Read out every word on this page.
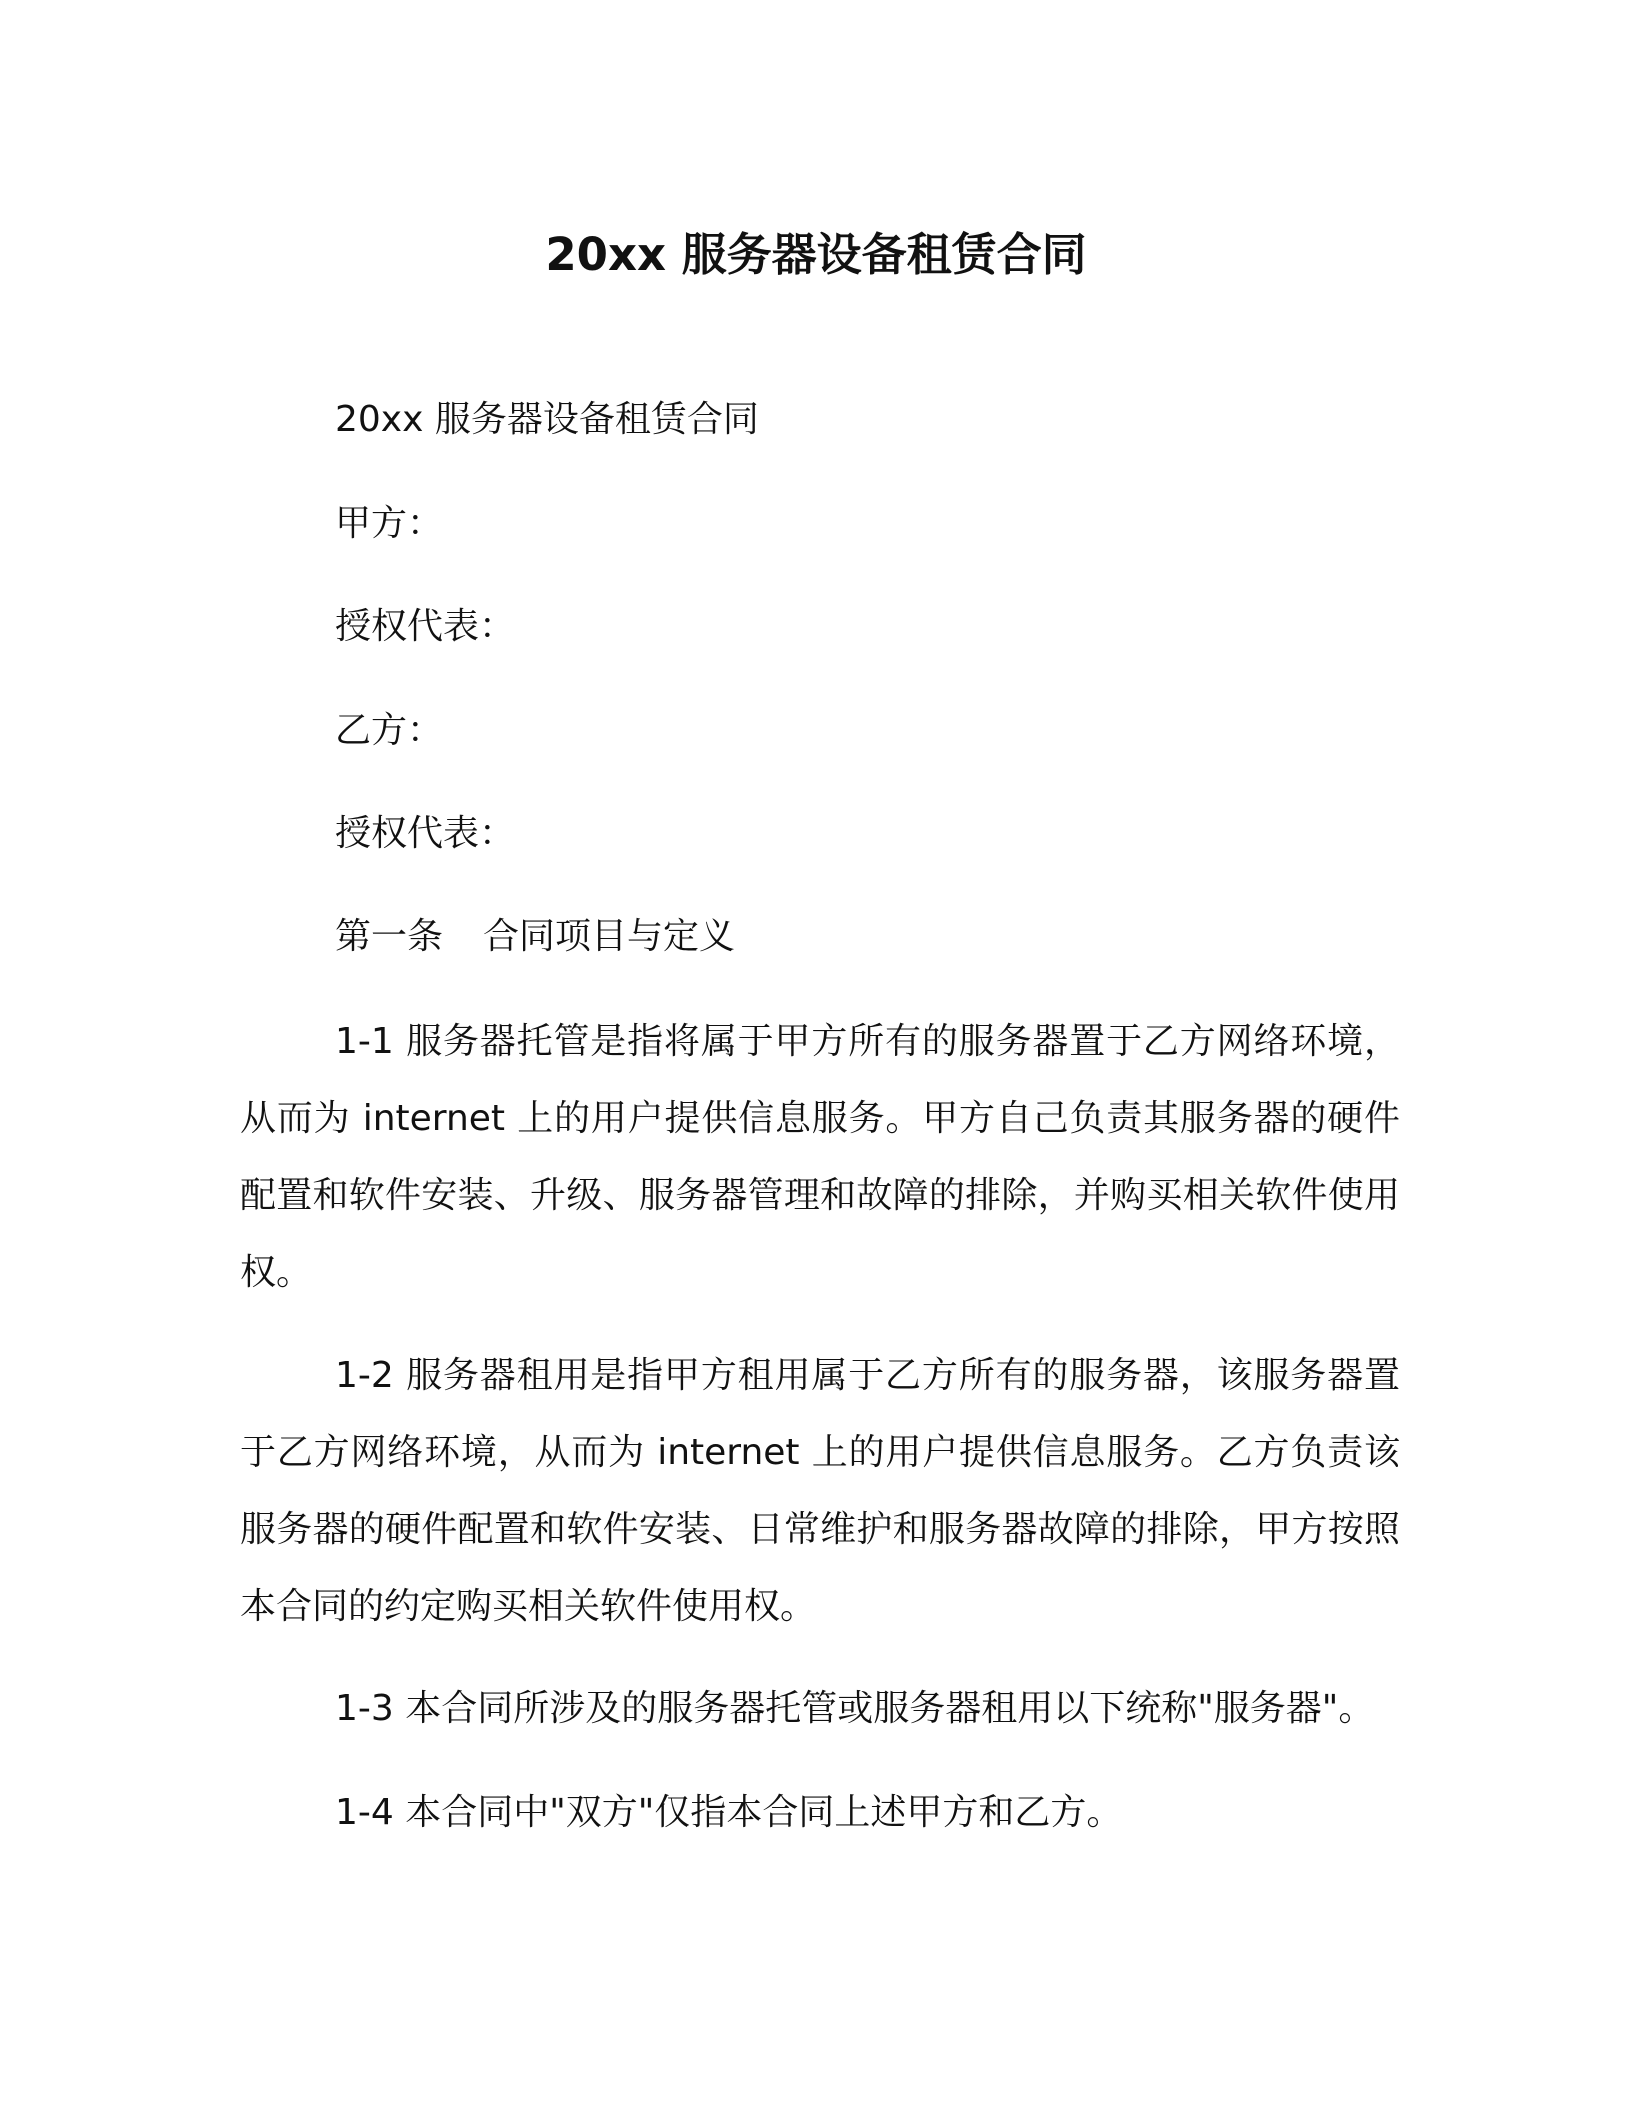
20xx 服务器设备租赁合同

20xx 服务器设备租赁合同

甲方：

授权代表：

乙方：

授权代表：

第一条 合同项目与定义

1-1 服务器托管是指将属于甲方所有的服务器置于乙方网络环境，从而为 internet 上的用户提供信息服务。甲方自己负责其服务器的硬件配置和软件安装、升级、服务器管理和故障的排除，并购买相关软件使用权。

1-2 服务器租用是指甲方租用属于乙方所有的服务器，该服务器置于乙方网络环境，从而为 internet 上的用户提供信息服务。乙方负责该服务器的硬件配置和软件安装、日常维护和服务器故障的排除，甲方按照本合同的约定购买相关软件使用权。

1-3 本合同所涉及的服务器托管或服务器租用以下统称"服务器"。

1-4 本合同中"双方"仅指本合同上述甲方和乙方。
